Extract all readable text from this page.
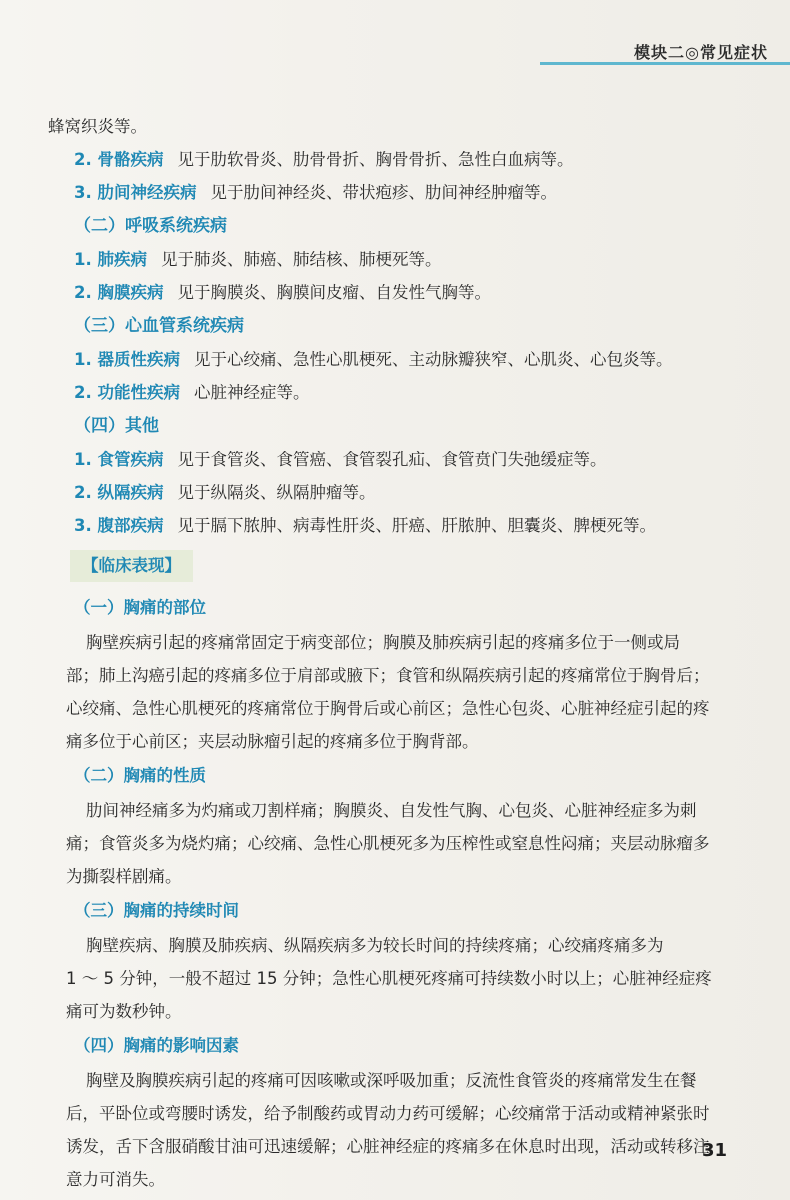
模块二◎常见症状
蜂窝织炎等。
2. 骨骼疾病 见于肋软骨炎、肋骨骨折、胸骨骨折、急性白血病等。
3. 肋间神经疾病 见于肋间神经炎、带状疱疹、肋间神经肿瘤等。
（二）呼吸系统疾病
1. 肺疾病 见于肺炎、肺癌、肺结核、肺梗死等。
2. 胸膜疾病 见于胸膜炎、胸膜间皮瘤、自发性气胸等。
（三）心血管系统疾病
1. 器质性疾病 见于心绞痛、急性心肌梗死、主动脉瓣狭窄、心肌炎、心包炎等。
2. 功能性疾病 心脏神经症等。
（四）其他
1. 食管疾病 见于食管炎、食管癌、食管裂孔疝、食管贲门失弛缓症等。
2. 纵隔疾病 见于纵隔炎、纵隔肿瘤等。
3. 腹部疾病 见于膈下脓肿、病毒性肝炎、肝癌、肝脓肿、胆囊炎、脾梗死等。
【临床表现】
（一）胸痛的部位
胸壁疾病引起的疼痛常固定于病变部位；胸膜及肺疾病引起的疼痛多位于一侧或局
部；肺上沟癌引起的疼痛多位于肩部或腋下；食管和纵隔疾病引起的疼痛常位于胸骨后；
心绞痛、急性心肌梗死的疼痛常位于胸骨后或心前区；急性心包炎、心脏神经症引起的疼
痛多位于心前区；夹层动脉瘤引起的疼痛多位于胸背部。
（二）胸痛的性质
肋间神经痛多为灼痛或刀割样痛；胸膜炎、自发性气胸、心包炎、心脏神经症多为刺
痛；食管炎多为烧灼痛；心绞痛、急性心肌梗死多为压榨性或窒息性闷痛；夹层动脉瘤多
为撕裂样剧痛。
（三）胸痛的持续时间
胸壁疾病、胸膜及肺疾病、纵隔疾病多为较长时间的持续疼痛；心绞痛疼痛多为
1 ～ 5 分钟，一般不超过 15 分钟；急性心肌梗死疼痛可持续数小时以上；心脏神经症疼
痛可为数秒钟。
（四）胸痛的影响因素
胸壁及胸膜疾病引起的疼痛可因咳嗽或深呼吸加重；反流性食管炎的疼痛常发生在餐
后，平卧位或弯腰时诱发，给予制酸药或胃动力药可缓解；心绞痛常于活动或精神紧张时
诱发，舌下含服硝酸甘油可迅速缓解；心脏神经症的疼痛多在休息时出现，活动或转移注
意力可消失。
31
